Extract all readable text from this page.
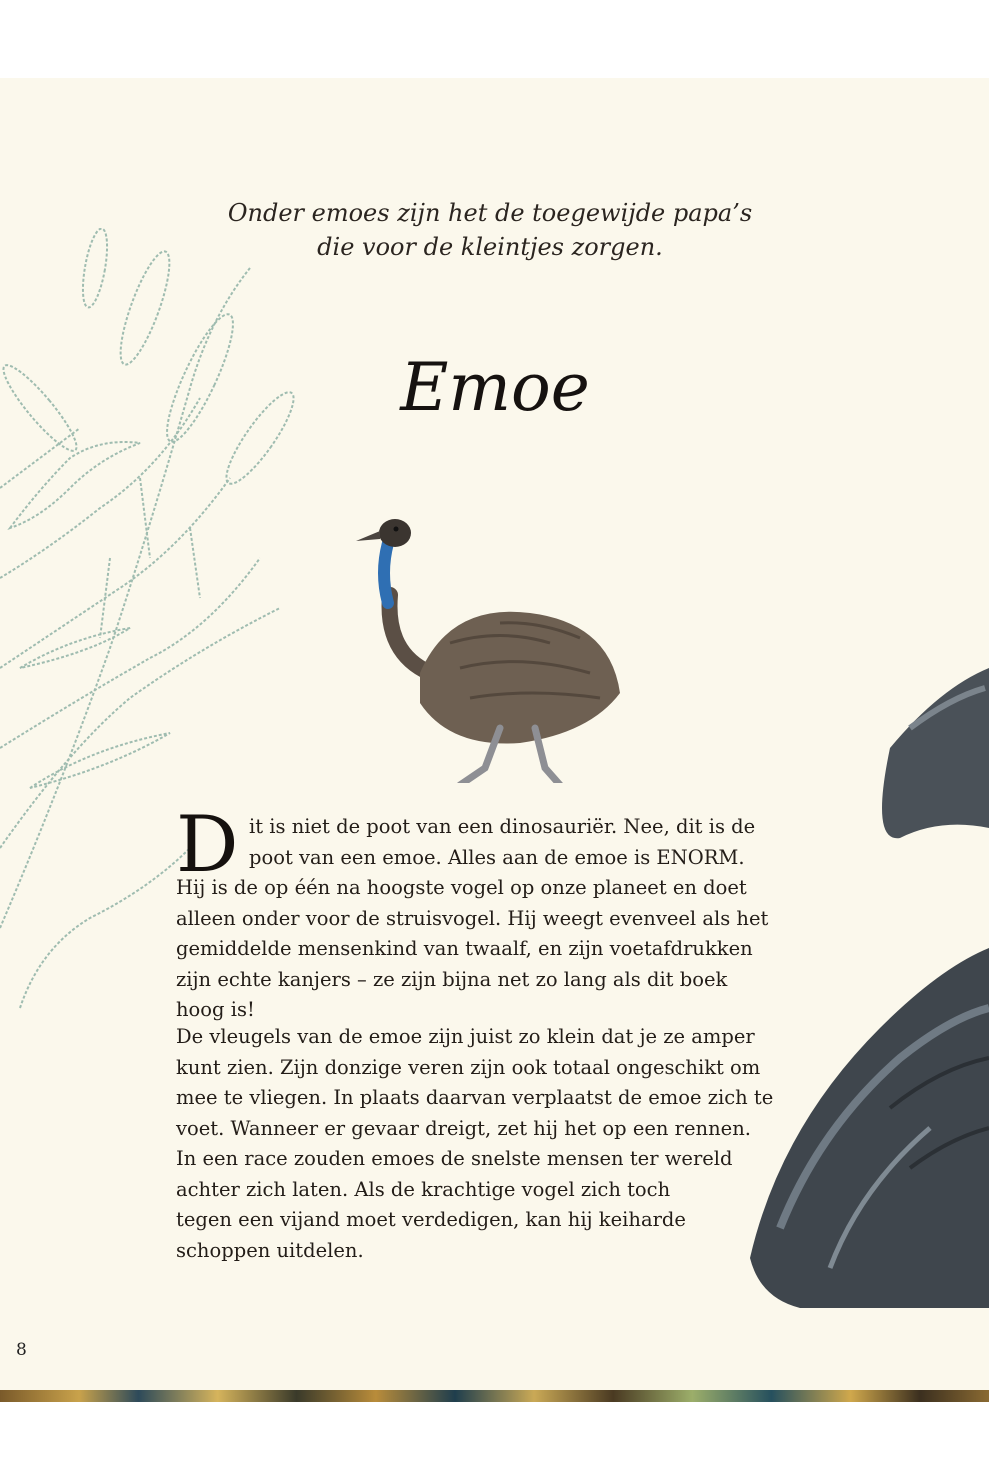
Onder emoes zijn het de toegewijde papa’s
die voor de kleintjes zorgen.
Emoe
D it is niet de poot van een dinosauriër. Nee, dit is de
poot van een emoe. Alles aan de emoe is ENORM.
Hij is de op één na hoogste vogel op onze planeet en doet
alleen onder voor de struisvogel. Hij weegt evenveel als het
gemiddelde mensenkind van twaalf, en zijn voetafdrukken
zijn echte kanjers – ze zijn bijna net zo lang als dit boek
hoog is!
De vleugels van de emoe zijn juist zo klein dat je ze amper
kunt zien. Zijn donzige veren zijn ook totaal ongeschikt om
mee te vliegen. In plaats daarvan verplaatst de emoe zich te
voet. Wanneer er gevaar dreigt, zet hij het op een rennen.
In een race zouden emoes de snelste mensen ter wereld
achter zich laten. Als de krachtige vogel zich toch
tegen een vijand moet verdedigen, kan hij keiharde
schoppen uitdelen.
8
